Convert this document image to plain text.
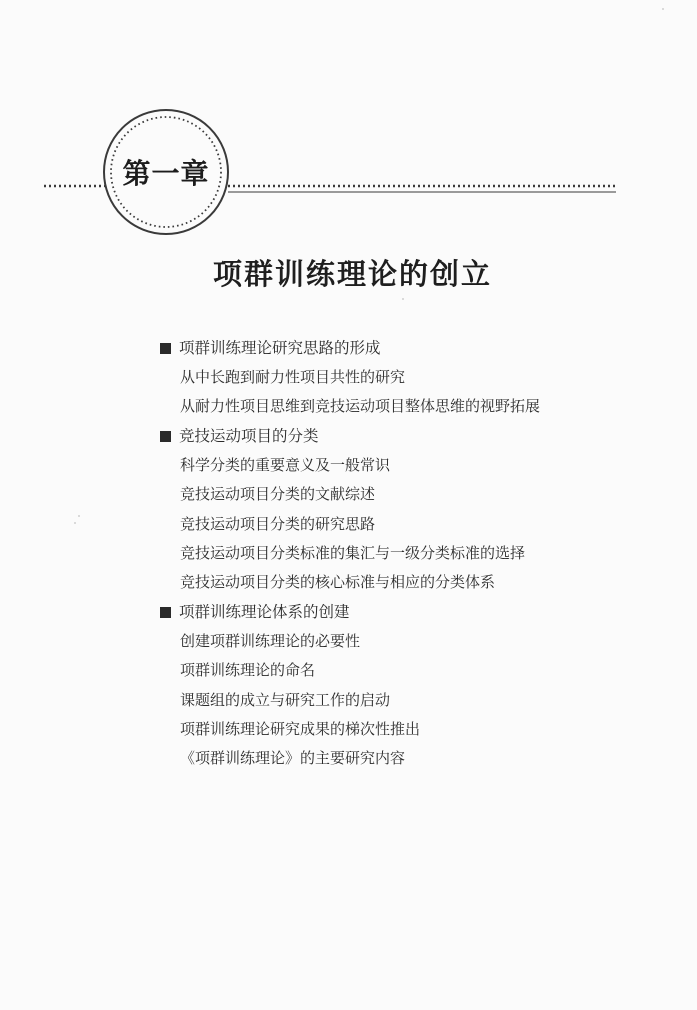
第一章
项群训练理论的创立
项群训练理论研究思路的形成
从中长跑到耐力性项目共性的研究
从耐力性项目思维到竞技运动项目整体思维的视野拓展
竞技运动项目的分类
科学分类的重要意义及一般常识
竞技运动项目分类的文献综述
竞技运动项目分类的研究思路
竞技运动项目分类标准的集汇与一级分类标准的选择
竞技运动项目分类的核心标准与相应的分类体系
项群训练理论体系的创建
创建项群训练理论的必要性
项群训练理论的命名
课题组的成立与研究工作的启动
项群训练理论研究成果的梯次性推出
《项群训练理论》的主要研究内容
